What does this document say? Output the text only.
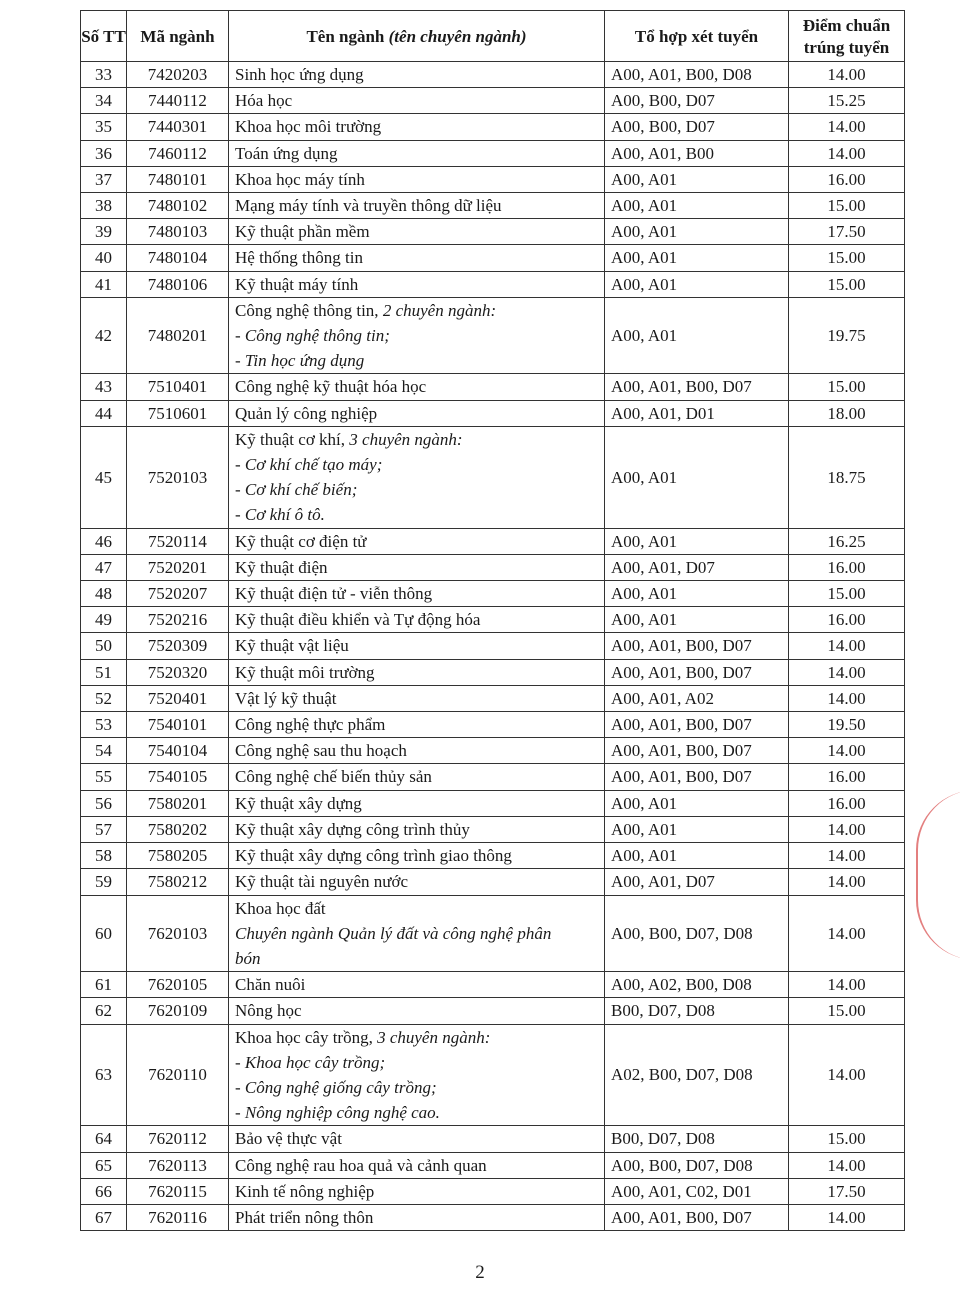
Số TT	Mã ngành	Tên ngành (tên chuyên ngành)	Tổ hợp xét tuyển	Điểm chuẩn trúng tuyển
33	7420203	Sinh học ứng dụng	A00, A01, B00, D08	14.00
34	7440112	Hóa học	A00, B00, D07	15.25
35	7440301	Khoa học môi trường	A00, B00, D07	14.00
36	7460112	Toán ứng dụng	A00, A01, B00	14.00
37	7480101	Khoa học máy tính	A00, A01	16.00
38	7480102	Mạng máy tính và truyền thông dữ liệu	A00, A01	15.00
39	7480103	Kỹ thuật phần mềm	A00, A01	17.50
40	7480104	Hệ thống thông tin	A00, A01	15.00
41	7480106	Kỹ thuật máy tính	A00, A01	15.00
42	7480201	Công nghệ thông tin, 2 chuyên ngành:
- Công nghệ thông tin;
- Tin học ứng dụng	A00, A01	19.75
43	7510401	Công nghệ kỹ thuật hóa học	A00, A01, B00, D07	15.00
44	7510601	Quản lý công nghiệp	A00, A01, D01	18.00
45	7520103	Kỹ thuật cơ khí, 3 chuyên ngành:
- Cơ khí chế tạo máy;
- Cơ khí chế biến;
- Cơ khí ô tô.	A00, A01	18.75
46	7520114	Kỹ thuật cơ điện tử	A00, A01	16.25
47	7520201	Kỹ thuật điện	A00, A01, D07	16.00
48	7520207	Kỹ thuật điện tử - viễn thông	A00, A01	15.00
49	7520216	Kỹ thuật điều khiển và Tự động hóa	A00, A01	16.00
50	7520309	Kỹ thuật vật liệu	A00, A01, B00, D07	14.00
51	7520320	Kỹ thuật môi trường	A00, A01, B00, D07	14.00
52	7520401	Vật lý kỹ thuật	A00, A01, A02	14.00
53	7540101	Công nghệ thực phẩm	A00, A01, B00, D07	19.50
54	7540104	Công nghệ sau thu hoạch	A00, A01, B00, D07	14.00
55	7540105	Công nghệ chế biến thủy sản	A00, A01, B00, D07	16.00
56	7580201	Kỹ thuật xây dựng	A00, A01	16.00
57	7580202	Kỹ thuật xây dựng công trình thủy	A00, A01	14.00
58	7580205	Kỹ thuật xây dựng công trình giao thông	A00, A01	14.00
59	7580212	Kỹ thuật tài nguyên nước	A00, A01, D07	14.00
60	7620103	Khoa học đất
Chuyên ngành Quản lý đất và công nghệ phân
bón	A00, B00, D07, D08	14.00
61	7620105	Chăn nuôi	A00, A02, B00, D08	14.00
62	7620109	Nông học	B00, D07, D08	15.00
63	7620110	Khoa học cây trồng, 3 chuyên ngành:
- Khoa học cây trồng;
- Công nghệ giống cây trồng;
- Nông nghiệp công nghệ cao.	A02, B00, D07, D08	14.00
64	7620112	Bảo vệ thực vật	B00, D07, D08	15.00
65	7620113	Công nghệ rau hoa quả và cảnh quan	A00, B00, D07, D08	14.00
66	7620115	Kinh tế nông nghiệp	A00, A01, C02, D01	17.50
67	7620116	Phát triển nông thôn	A00, A01, B00, D07	14.00
2
